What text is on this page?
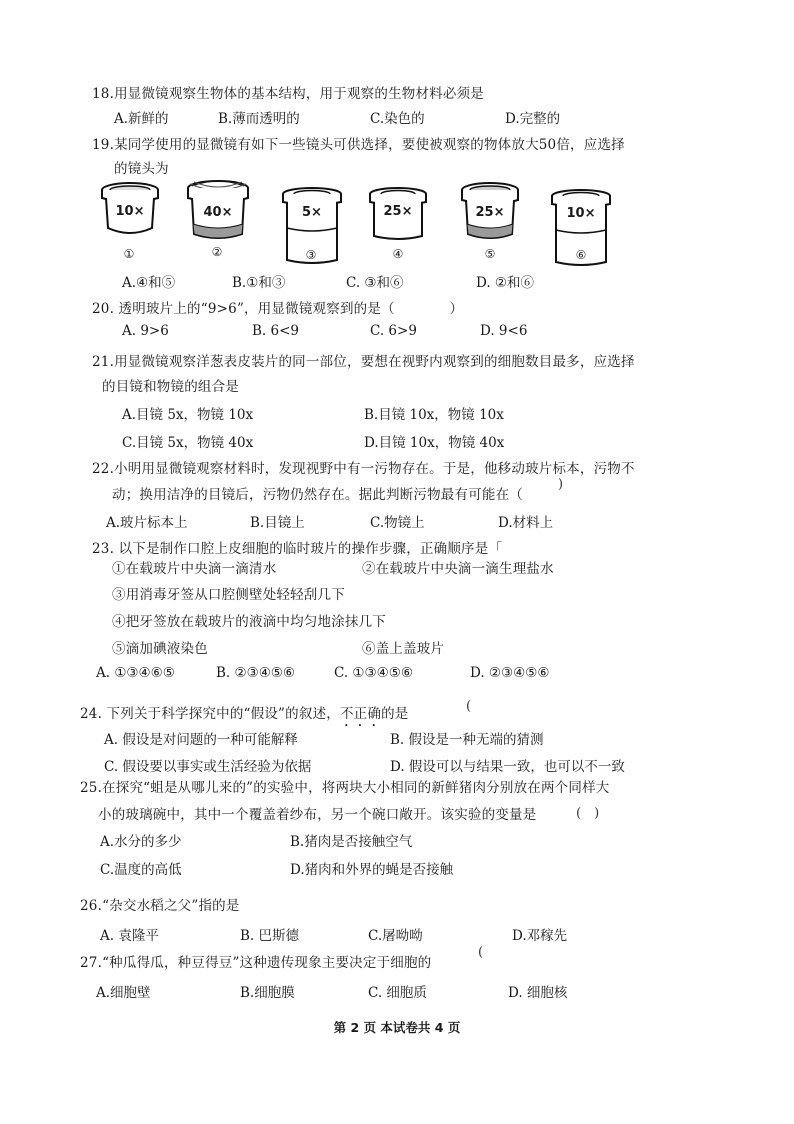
18.用显微镜观察生物体的基本结构，用于观察的生物材料必须是
A.新鲜的	B.薄而透明的	C.染色的	D.完整的
19.某同学使用的显微镜有如下一些镜头可供选择，要使被观察的物体放大50倍，应选择
的镜头为
10×
①
40×
②
5×
③
25×
④
25×
⑤
10×
⑥
A.④和⑤	B.①和③	C. ③和⑥	D. ②和⑥
20. 透明玻片上的“9>6”，用显微镜观察到的是（　　　　）
A. 9>6	B. 6<9	C. 6>9	D. 9<6
21.用显微镜观察洋葱表皮装片的同一部位，要想在视野内观察到的细胞数目最多，应选择
的目镜和物镜的组合是
A.目镜 5x，物镜 10x	B.目镜 10x，物镜 10x
C.目镜 5x，物镜 40x	D.目镜 10x，物镜 40x
22.小明用显微镜观察材料时，发现视野中有一污物存在。于是，他移动玻片标本，污物不
动；换用洁净的目镜后，污物仍然存在。据此判断污物最有可能在（
)
A.玻片标本上	B.目镜上	C.物镜上	D.材料上
23. 以下是制作口腔上皮细胞的临时玻片的操作步骤，正确顺序是「
①在载玻片中央滴一滴清水	②在载玻片中央滴一滴生理盐水
③用消毒牙签从口腔侧壁处轻轻刮几下
④把牙签放在载玻片的液滴中均匀地涂抹几下
⑤滴加碘液染色	⑥盖上盖玻片
A. ①③④⑥⑤	B. ②③④⑤⑥	C. ①③④⑤⑥	D. ②③④⑤⑥
24. 下列关于科学探究中的“假设”的叙述，不正确的是	(
A. 假设是对问题的一种可能解释	B. 假设是一种无端的猜测
C. 假设要以事实或生活经验为依据	D. 假设可以与结果一致，也可以不一致
25.在探究“蛆是从哪儿来的”的实验中，将两块大小相同的新鲜猪肉分别放在两个同样大
小的玻璃碗中，其中一个覆盖着纱布，另一个碗口敞开。该实验的变量是	(　)
A.水分的多少	B.猪肉是否接触空气
C.温度的高低	D.猪肉和外界的蝇是否接触
26.“杂交水稻之父”指的是
A. 袁隆平	B. 巴斯德	C.屠呦呦	D.邓稼先
27.“种瓜得瓜，种豆得豆”这种遗传现象主要决定于细胞的
(
A.细胞壁	B.细胞膜	C. 细胞质	D. 细胞核
第 2 页 本试卷共 4 页
